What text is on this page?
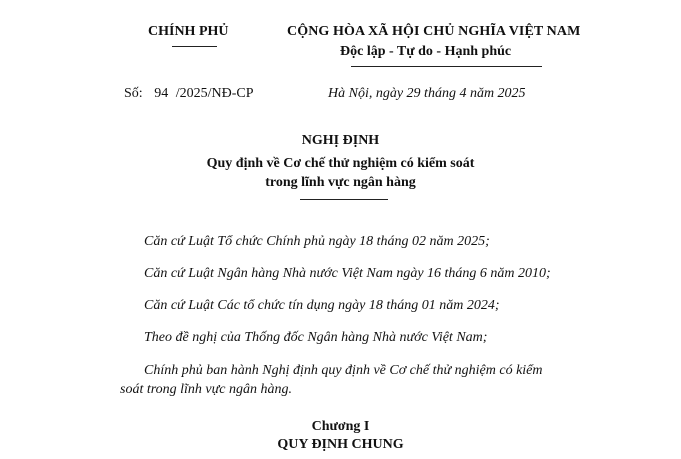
CHÍNH PHỦ	CỘNG HÒA XÃ HỘI CHỦ NGHĨA VIỆT NAM
Độc lập - Tự do - Hạnh phúc
Số: 94 /2025/NĐ-CP	Hà Nội, ngày 29 tháng 4 năm 2025
NGHỊ ĐỊNH
Quy định về Cơ chế thử nghiệm có kiểm soát
trong lĩnh vực ngân hàng
Căn cứ Luật Tổ chức Chính phủ ngày 18 tháng 02 năm 2025;
Căn cứ Luật Ngân hàng Nhà nước Việt Nam ngày 16 tháng 6 năm 2010;
Căn cứ Luật Các tổ chức tín dụng ngày 18 tháng 01 năm 2024;
Theo đề nghị của Thống đốc Ngân hàng Nhà nước Việt Nam;
Chính phủ ban hành Nghị định quy định về Cơ chế thử nghiệm có kiểm
soát trong lĩnh vực ngân hàng.
Chương I
QUY ĐỊNH CHUNG
